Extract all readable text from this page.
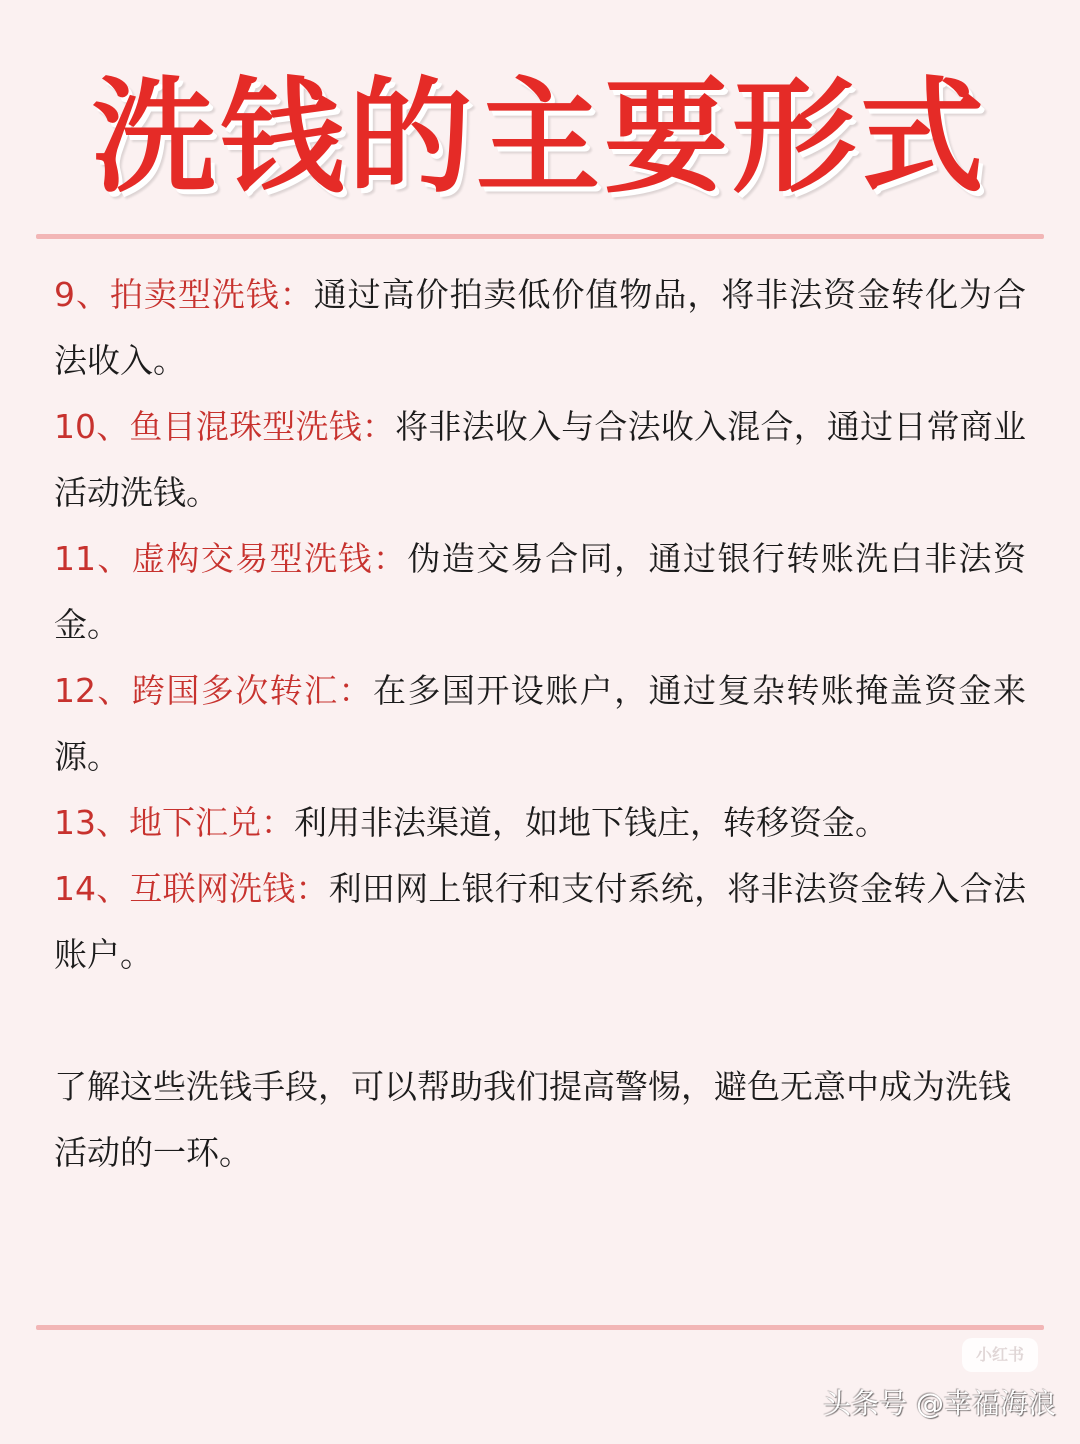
洗钱的主要形式

9、拍卖型洗钱：通过高价拍卖低价值物品，将非法资金转化为合法收入。

10、鱼目混珠型洗钱：将非法收入与合法收入混合，通过日常商业活动洗钱。

11、虚构交易型洗钱：伪造交易合同，通过银行转账洗白非法资金。

12、跨国多次转汇：在多国开设账户，通过复杂转账掩盖资金来源。

13、地下汇兑：利用非法渠道，如地下钱庄，转移资金。

14、互联网洗钱：利田网上银行和支付系统，将非法资金转入合法账户。

了解这些洗钱手段，可以帮助我们提高警惕，避色无意中成为洗钱活动的一环。

小红书
头条号 @幸福海浪
